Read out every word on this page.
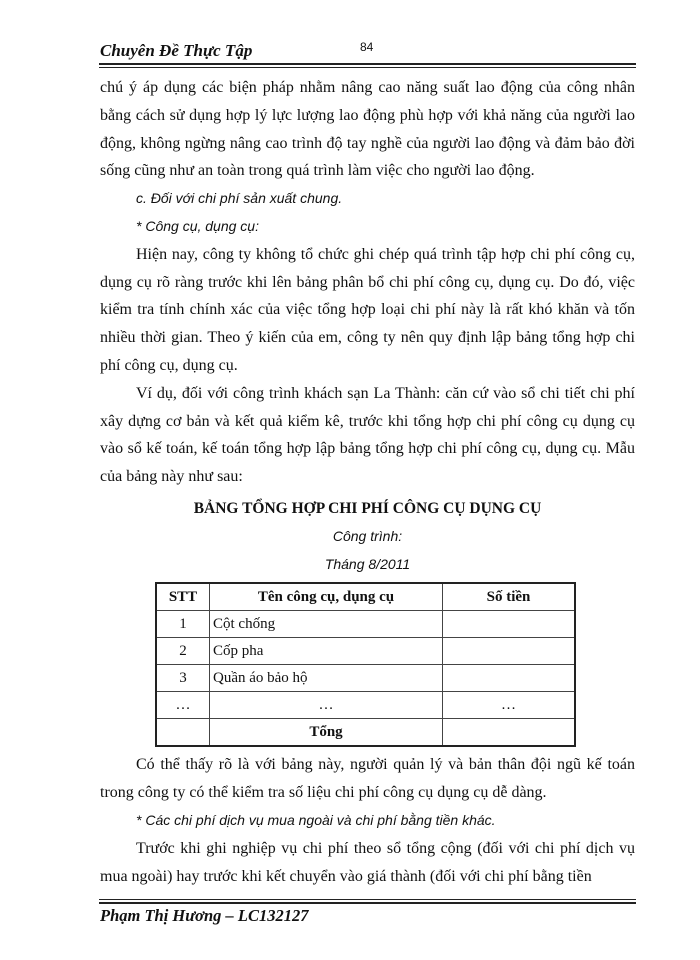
Chuyên Đề Thực Tập	84

chú ý áp dụng các biện pháp nhằm nâng cao năng suất lao động của công nhân bằng cách sử dụng hợp lý lực lượng lao động phù hợp với khả năng của người lao động, không ngừng nâng cao trình độ tay nghề của người lao động và đảm bảo đời sống cũng như an toàn trong quá trình làm việc cho người lao động.

c. Đối với chi phí sản xuất chung.

* Công cụ, dụng cụ:

Hiện nay, công ty không tổ chức ghi chép quá trình tập hợp chi phí công cụ, dụng cụ rõ ràng trước khi lên bảng phân bổ chi phí công cụ, dụng cụ. Do đó, việc kiểm tra tính chính xác của việc tổng hợp loại chi phí này là rất khó khăn và tốn nhiều thời gian. Theo ý kiến của em, công ty nên quy định lập bảng tổng hợp chi phí công cụ, dụng cụ.

Ví dụ, đối với công trình khách sạn La Thành: căn cứ vào sổ chi tiết chi phí xây dựng cơ bản và kết quả kiểm kê, trước khi tổng hợp chi phí công cụ dụng cụ vào sổ kế toán, kế toán tổng hợp lập bảng tổng hợp chi phí công cụ, dụng cụ. Mẫu của bảng này như sau:

BẢNG TỔNG HỢP CHI PHÍ CÔNG CỤ DỤNG CỤ

Công trình:

Tháng 8/2011

STT	Tên công cụ, dụng cụ	Số tiền
1	Cột chống	
2	Cốp pha	
3	Quần áo bảo hộ	
…	…	…
	Tổng	

Có thể thấy rõ là với bảng này, người quản lý và bản thân đội ngũ kế toán trong công ty có thể kiểm tra số liệu chi phí công cụ dụng cụ dễ dàng.

* Các chi phí dịch vụ mua ngoài và chi phí bằng tiền khác.

Trước khi ghi nghiệp vụ chi phí theo sổ tổng cộng (đối với chi phí dịch vụ mua ngoài) hay trước khi kết chuyển vào giá thành (đối với chi phí bằng tiền

Phạm Thị Hương – LC132127
